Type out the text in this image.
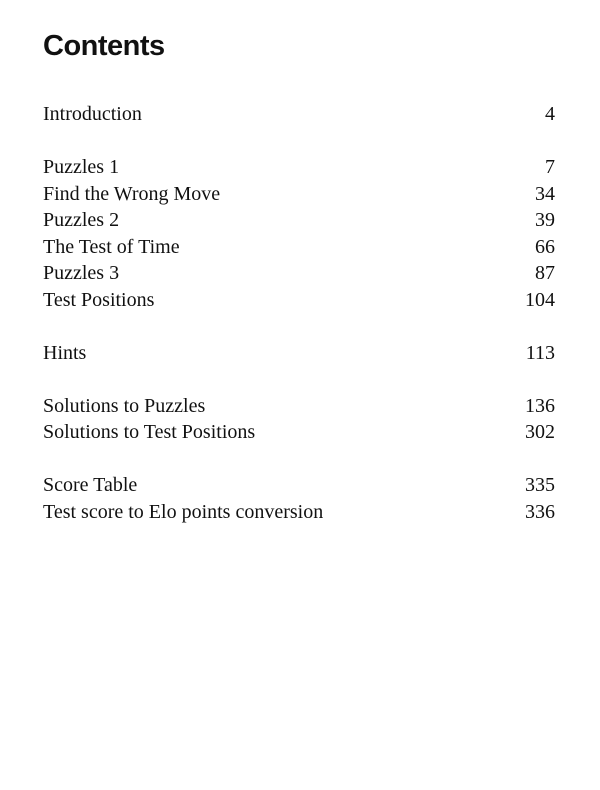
Contents
Introduction	4
Puzzles 1	7
Find the Wrong Move	34
Puzzles 2	39
The Test of Time	66
Puzzles 3	87
Test Positions	104
Hints	113
Solutions to Puzzles	136
Solutions to Test Positions	302
Score Table	335
Test score to Elo points conversion	336
